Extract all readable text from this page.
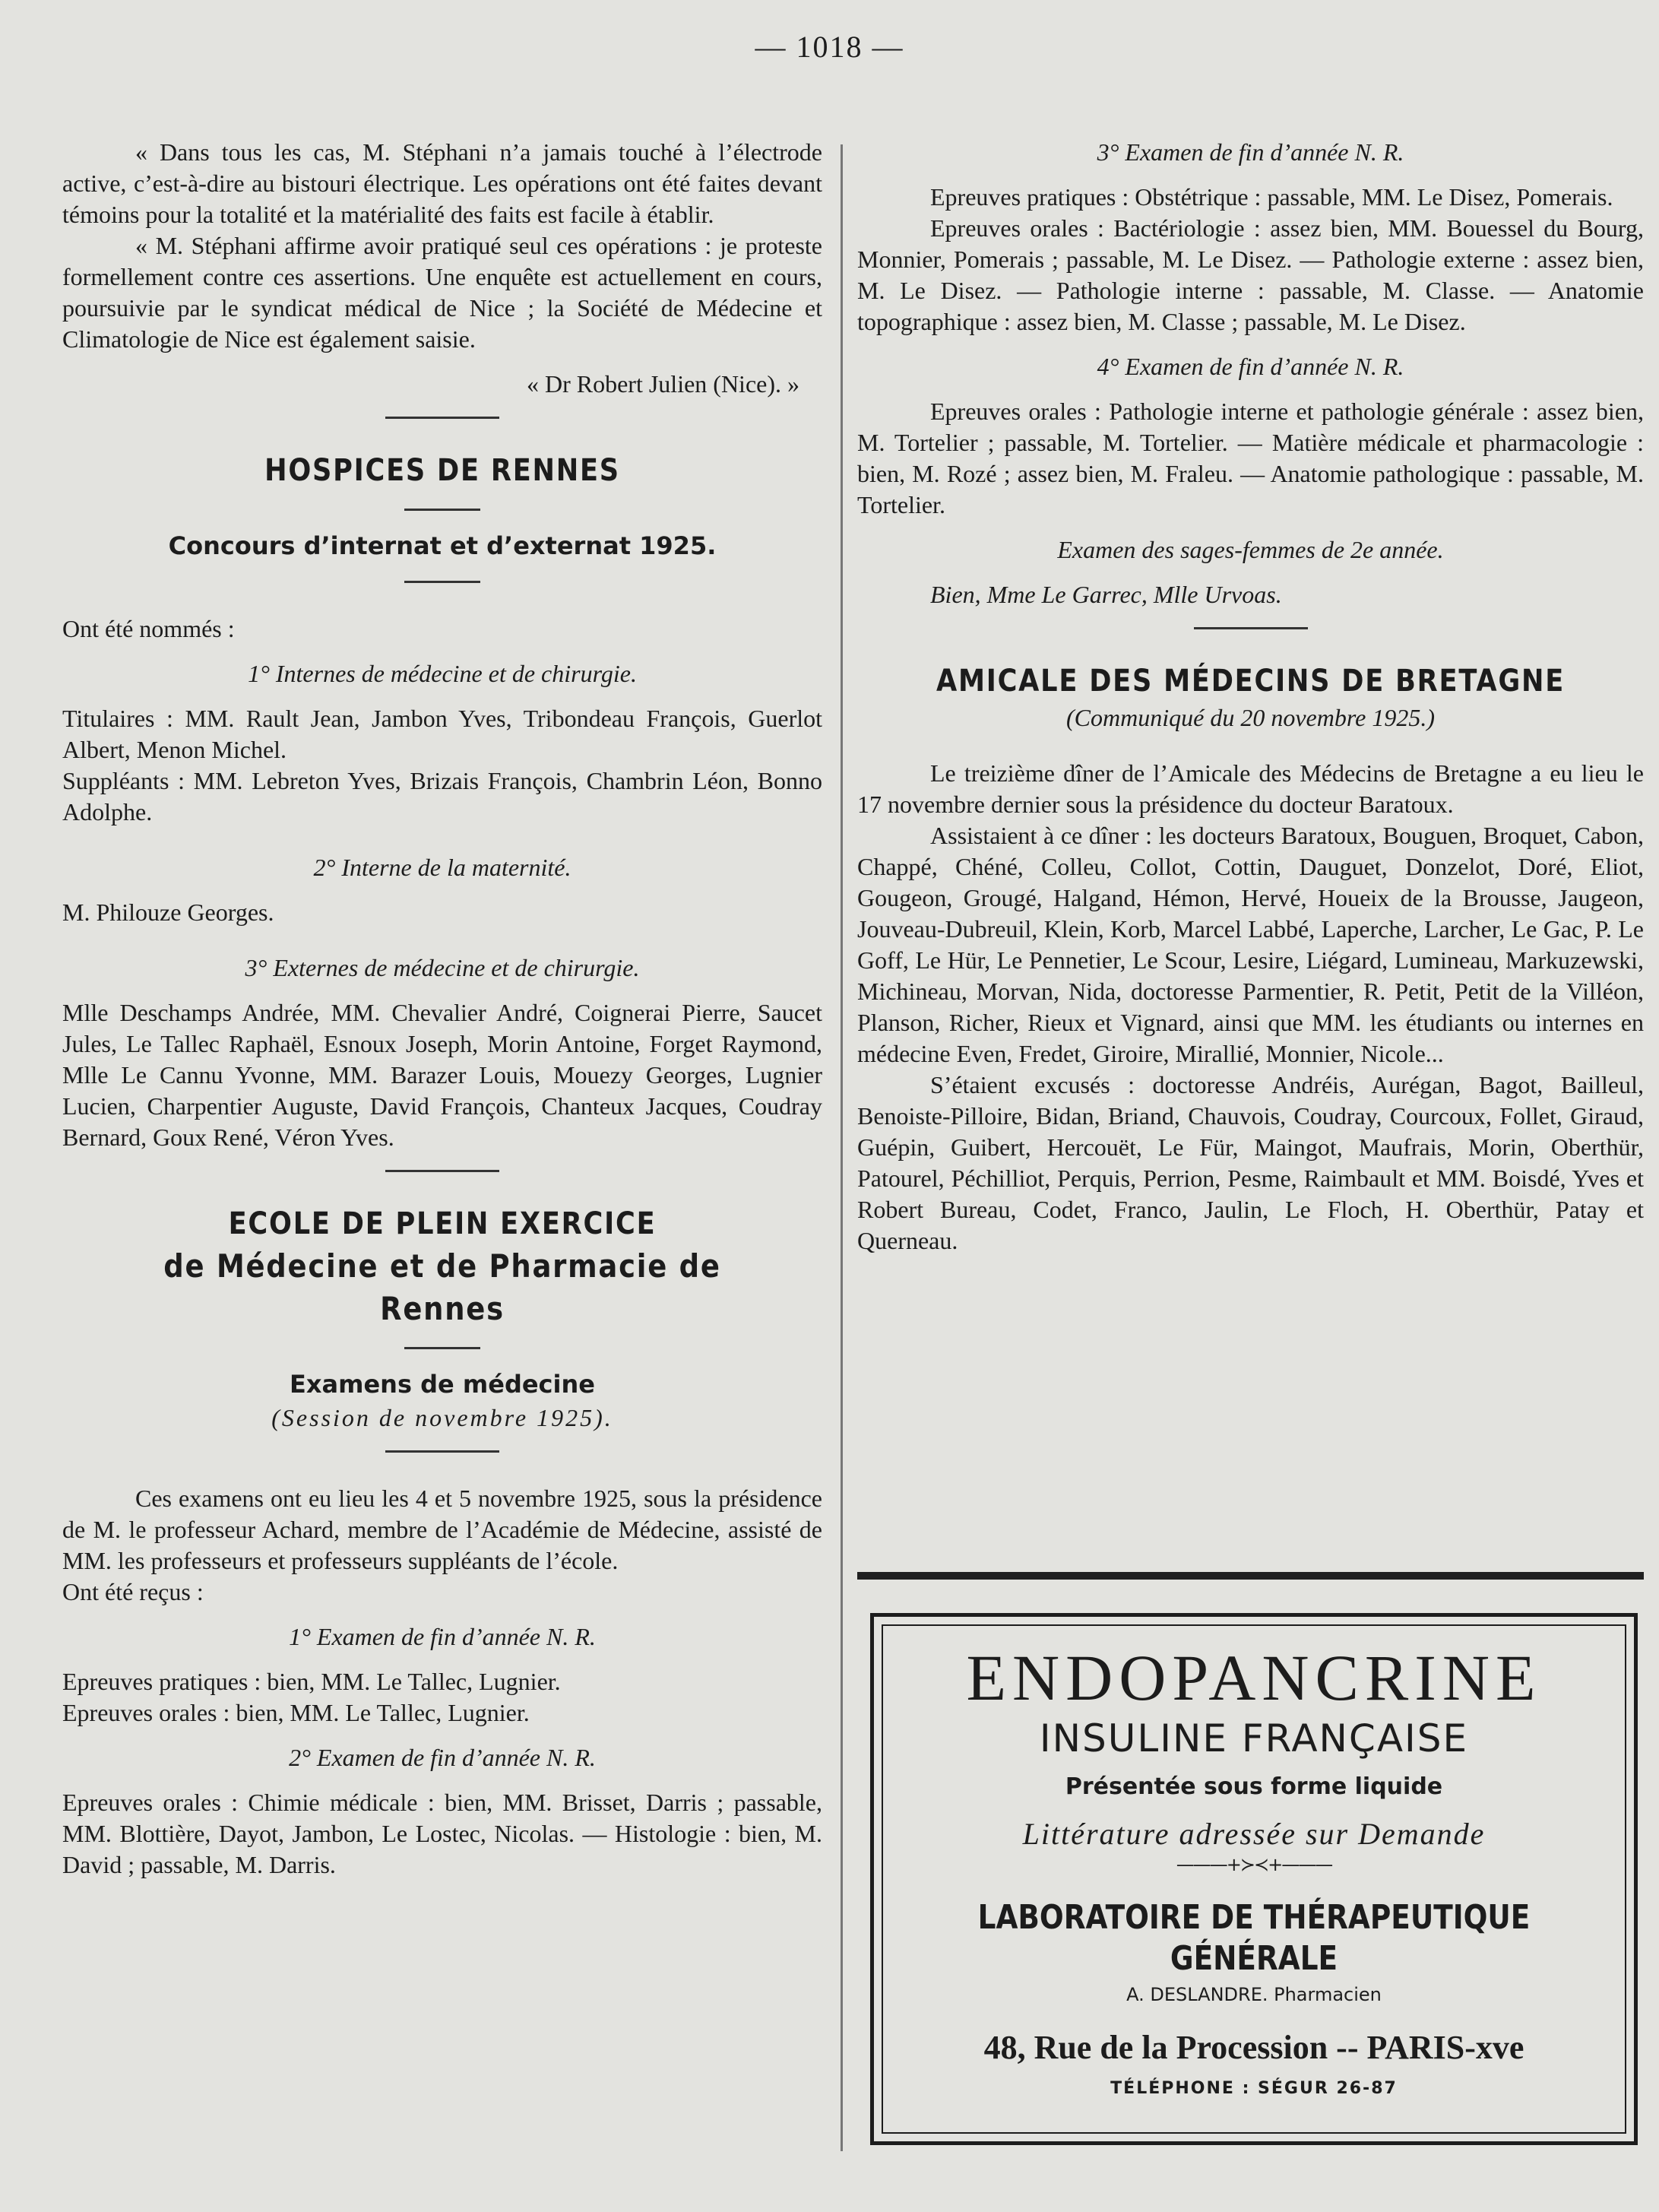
— 1018 —

« Dans tous les cas, M. Stéphani n’a jamais touché à l’électrode active, c’est-à-dire au bistouri électrique. Les opérations ont été faites devant témoins pour la totalité et la matérialité des faits est facile à établir.

« M. Stéphani affirme avoir pratiqué seul ces opérations : je proteste formellement contre ces assertions. Une enquête est actuellement en cours, poursuivie par le syndicat médical de Nice ; la Société de Médecine et Climatologie de Nice est également saisie.

« Dr Robert Julien (Nice). »

HOSPICES DE RENNES
Concours d’internat et d’externat 1925.

Ont été nommés :

1° Internes de médecine et de chirurgie.

Titulaires : MM. Rault Jean, Jambon Yves, Tribondeau François, Guerlot Albert, Menon Michel.

Suppléants : MM. Lebreton Yves, Brizais François, Chambrin Léon, Bonno Adolphe.

2° Interne de la maternité.

M. Philouze Georges.

3° Externes de médecine et de chirurgie.

Mlle Deschamps Andrée, MM. Chevalier André, Coignerai Pierre, Saucet Jules, Le Tallec Raphaël, Esnoux Joseph, Morin Antoine, Forget Raymond, Mlle Le Cannu Yvonne, MM. Barazer Louis, Mouezy Georges, Lugnier Lucien, Charpentier Auguste, David François, Chanteux Jacques, Coudray Bernard, Goux René, Véron Yves.

ECOLE DE PLEIN EXERCICE
de Médecine et de Pharmacie de Rennes
Examens de médecine

(Session de novembre 1925).

Ces examens ont eu lieu les 4 et 5 novembre 1925, sous la présidence de M. le professeur Achard, membre de l’Académie de Médecine, assisté de MM. les professeurs et professeurs suppléants de l’école.

Ont été reçus :

1° Examen de fin d’année N. R.

Epreuves pratiques : bien, MM. Le Tallec, Lugnier.

Epreuves orales : bien, MM. Le Tallec, Lugnier.

2° Examen de fin d’année N. R.

Epreuves orales : Chimie médicale : bien, MM. Brisset, Darris ; passable, MM. Blottière, Dayot, Jambon, Le Lostec, Nicolas. — Histologie : bien, M. David ; passable, M. Darris.

3° Examen de fin d’année N. R.

Epreuves pratiques : Obstétrique : passable, MM. Le Disez, Pomerais.

Epreuves orales : Bactériologie : assez bien, MM. Bouessel du Bourg, Monnier, Pomerais ; passable, M. Le Disez. — Pathologie externe : assez bien, M. Le Disez. — Pathologie interne : passable, M. Classe. — Anatomie topographique : assez bien, M. Classe ; passable, M. Le Disez.

4° Examen de fin d’année N. R.

Epreuves orales : Pathologie interne et pathologie générale : assez bien, M. Tortelier ; passable, M. Tortelier. — Matière médicale et pharmacologie : bien, M. Rozé ; assez bien, M. Fraleu. — Anatomie pathologique : passable, M. Tortelier.

Examen des sages-femmes de 2e année.

Bien, Mme Le Garrec, Mlle Urvoas.

AMICALE DES MÉDECINS DE BRETAGNE

(Communiqué du 20 novembre 1925.)

Le treizième dîner de l’Amicale des Médecins de Bretagne a eu lieu le 17 novembre dernier sous la présidence du docteur Baratoux.

Assistaient à ce dîner : les docteurs Baratoux, Bouguen, Broquet, Cabon, Chappé, Chéné, Colleu, Collot, Cottin, Dauguet, Donzelot, Doré, Eliot, Gougeon, Grougé, Halgand, Hémon, Hervé, Houeix de la Brousse, Jaugeon, Jouveau-Dubreuil, Klein, Korb, Marcel Labbé, Laperche, Larcher, Le Gac, P. Le Goff, Le Hür, Le Pennetier, Le Scour, Lesire, Liégard, Lumineau, Markuzewski, Michineau, Morvan, Nida, doctoresse Parmentier, R. Petit, Petit de la Villéon, Planson, Richer, Rieux et Vignard, ainsi que MM. les étudiants ou internes en médecine Even, Fredet, Giroire, Mirallié, Monnier, Nicole...

S’étaient excusés : doctoresse Andréis, Aurégan, Bagot, Bailleul, Benoiste-Pilloire, Bidan, Briand, Chauvois, Coudray, Courcoux, Follet, Giraud, Guépin, Guibert, Hercouët, Le Für, Maingot, Maufrais, Morin, Oberthür, Patourel, Péchilliot, Perquis, Perrion, Pesme, Raimbault et MM. Boisdé, Yves et Robert Bureau, Codet, Franco, Jaulin, Le Floch, H. Oberthür, Patay et Querneau.

ENDOPANCRINE
INSULINE FRANÇAISE
Présentée sous forme liquide
Littérature adressée sur Demande
———+≻≺+———
LABORATOIRE DE THÉRAPEUTIQUE GÉNÉRALE
A. DESLANDRE. Pharmacien
48, Rue de la Procession -- PARIS-xve
TÉLÉPHONE : SÉGUR 26-87
